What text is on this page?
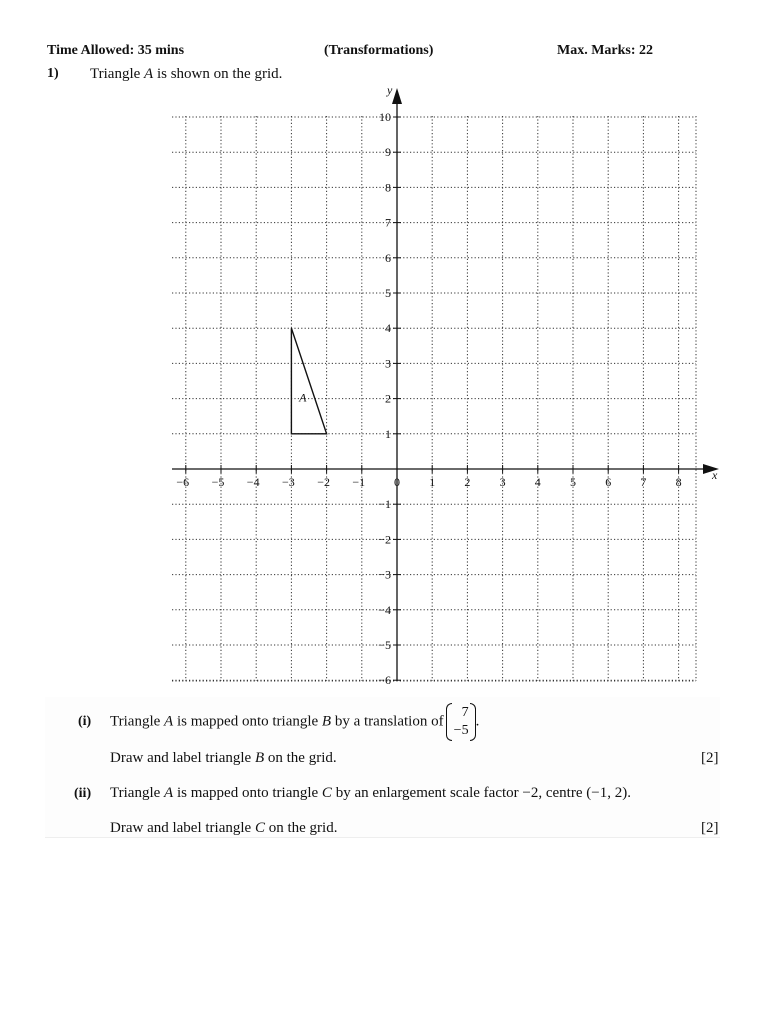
Time Allowed: 35 mins	(Transformations)	Max. Marks: 22
1) Triangle A is shown on the grid.
x
y
−6 −5 −4 −3 −2 −1 0 1 2 3 4 5 6 7 8
−6
−5
−4
−3
−2
−1
1
2
3
4
5
6
7
8
9
10
A
(i) Triangle A is mapped onto triangle B by a translation of
7
−5
.
Draw and label triangle B on the grid.	[2]
(ii) Triangle A is mapped onto triangle C by an enlargement scale factor −2, centre (−1, 2).
Draw and label triangle C on the grid.	[2]
